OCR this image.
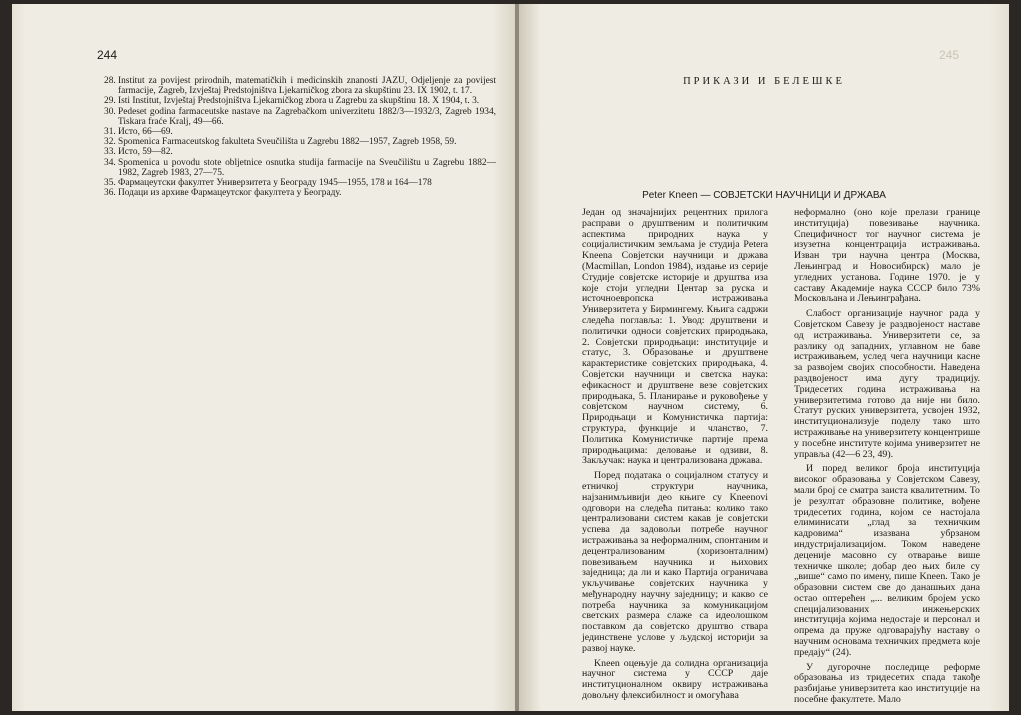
244
28. Institut za povijest prirodnih, matematičkih i medicinskih znanosti JAZU, Odjeljenje za povijest farmacije, Zagreb, Izvještaj Predstojništva Ljekarničkog zbora za skupštinu 23. IX 1902, t. 17.
29. Isti Institut, Izvještaj Predstojništva Ljekarničkog zbora u Zagrebu za skupštinu 18. X 1904, t. 3.
30. Pedeset godina farmaceutske nastave na Zagrebačkom univerzitetu 1882/3—1932/3, Zagreb 1934, Tiskara fraće Kralj, 49—66.
31. Исто, 66—69.
32. Spomenica Farmaceutskog fakulteta Sveučilišta u Zagrebu 1882—1957, Zagreb 1958, 59.
33. Исто, 59—82.
34. Spomenica u povodu stote obljetnice osnutka studija farmacije na Sveučilištu u Zagrebu 1882—1982, Zagreb 1983, 27—75.
35. Фармацеутски факултет Универзитета у Београду 1945—1955, 178 и 164—178
36. Подаци из архиве Фармацеутског факултета у Београду.
245
ПРИКАЗИ И БЕЛЕШКЕ
Peter Kneen — СОВЈЕТСКИ НАУЧНИЦИ И ДРЖАВА

Један од значајнијих рецентних прилога расправи о друштвеним и политичким аспектима природних наука у социјалистичким земљама је студија Peterа Kneenа Совјетски научници и држава (Macmillan, London 1984), издање из серије Студије совјетске историје и друштва иза које стоји угледни Центар за руска и источноевропска истраживања Универзитета у Бирмингему. Књига садржи следећа поглавља: 1. Увод: друштвени и политички односи совјетских природњака, 2. Совјетски природњаци: институције и статус, 3. Образовање и друштвене карактеристике совјетских природњака, 4. Совјетски научници и светска наука: ефикасност и друштвене везе совјетских природњака, 5. Планирање и руковођење у совјетском научном систему, 6. Природњаци и Комунистичка партија: структура, функције и чланство, 7. Политика Комунистичке партије према природњацима: деловање и одзиви, 8. Закључак: наука и централизована држава.

Поред података о социјалном статусу и етничкој структури научника, најзанимљивији део књиге су Kneenovi одговори на следећа питања: колико тако централизовани систем какав је совјетски успева да задовољи потребе научног истраживања за неформалним, спонтаним и децентрализованим (хоризонталним) повезивањем научника и њихових заједница; да ли и како Партија ограничава укључивање совјетских научника у међународну научну заједницу; и какво се потреба научника за комуникацијом светских размера слаже са идеолошком поставком да совјетско друштво ствара јединствене услове у људској историји за развој науке.

Kneen оцењује да солидна организација научног система у СССР даје институционалном оквиру истраживања довољну флексибилност и омогућава

неформално (оно које прелази границе институција) повезивање научника. Специфичност тог научног система је изузетна концентрација истраживања. Изван три научна центра (Москва, Лењинград и Новосибирск) мало је угледних установа. Године 1970. је у саставу Академије наука СССР било 73% Московљана и Лењинграђана.

Слабост организације научног рада у Совјетском Савезу је раздвојеност наставе од истраживања. Универзитети се, за разлику од западних, углавном не баве истраживањем, услед чега научници касне за развојем својих способности. Наведена раздвојеност има дугу традицију. Тридесетих година истраживања на универзитетима готово да није ни било. Статут руских универзитета, усвојен 1932, институционализује поделу тако што истраживање на универзитету концентрише у посебне институте којима универзитет не управља (42—6 23, 49).

И поред великог броја институција високог образовања у Совјетском Савезу, мали број се сматра заиста квалитетним. То је резултат образовне политике, вођене тридесетих година, којом се настојала елиминисати „глад за техничким кадровима“ изазвана убрзаном индустријализацијом. Током наведене деценије масовно су отварање више техничке школе; добар део њих биле су „више“ само по имену, пише Kneen. Тако је образовни систем све до данашњих дана остао оптерећен „... великим бројем уско специјализованих инжењерских институција којима недостаје и персонал и опрема да пруже одговарајућу наставу о научним основама техничких предмета које предају“ (24).

У дугорочне последице реформе образовања из тридесетих спада такође разбијање универзитета као институције на посебне факултете. Мало
